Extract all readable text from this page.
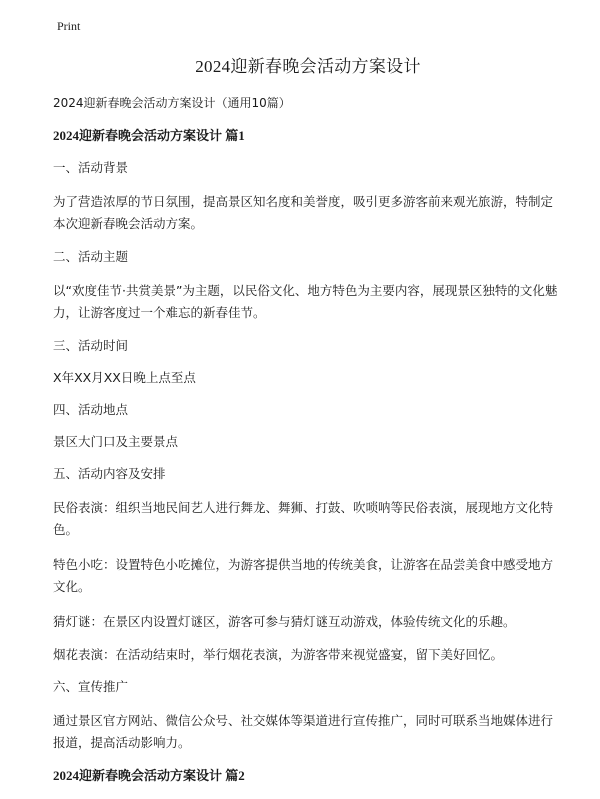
Print
2024迎新春晚会活动方案设计
2024迎新春晚会活动方案设计（通用10篇）
2024迎新春晚会活动方案设计 篇1
一、活动背景
为了营造浓厚的节日氛围，提高景区知名度和美誉度，吸引更多游客前来观光旅游，特制定本次迎新春晚会活动方案。
二、活动主题
以“欢度佳节·共赏美景”为主题，以民俗文化、地方特色为主要内容，展现景区独特的文化魅力，让游客度过一个难忘的新春佳节。
三、活动时间
X年XX月XX日晚上点至点
四、活动地点
景区大门口及主要景点
五、活动内容及安排
民俗表演：组织当地民间艺人进行舞龙、舞狮、打鼓、吹唢呐等民俗表演，展现地方文化特色。
特色小吃：设置特色小吃摊位，为游客提供当地的传统美食，让游客在品尝美食中感受地方文化。
猜灯谜：在景区内设置灯谜区，游客可参与猜灯谜互动游戏，体验传统文化的乐趣。
烟花表演：在活动结束时，举行烟花表演，为游客带来视觉盛宴，留下美好回忆。
六、宣传推广
通过景区官方网站、微信公众号、社交媒体等渠道进行宣传推广，同时可联系当地媒体进行报道，提高活动影响力。
2024迎新春晚会活动方案设计 篇2
